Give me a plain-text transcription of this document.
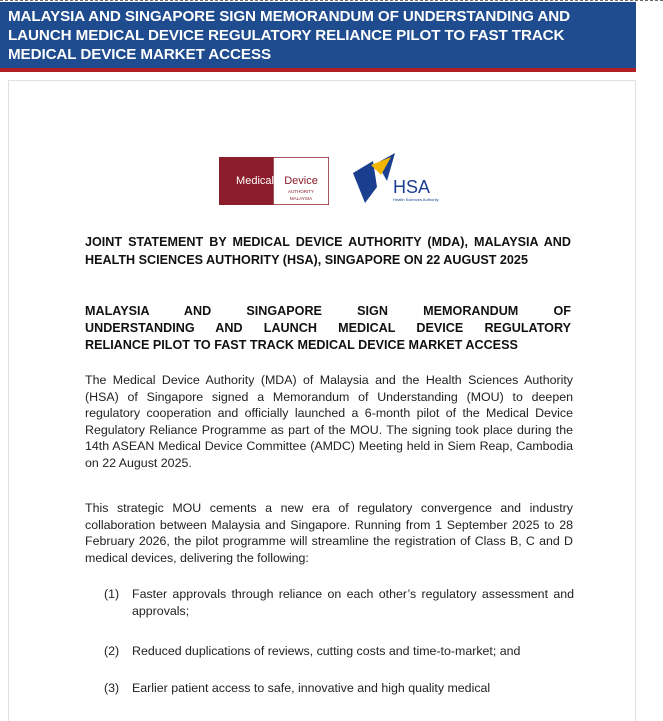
MALAYSIA AND SINGAPORE SIGN MEMORANDUM OF UNDERSTANDING AND LAUNCH MEDICAL DEVICE REGULATORY RELIANCE PILOT TO FAST TRACK MEDICAL DEVICE MARKET ACCESS
Medical Device
AUTHORITY
MALAYSIA
HSA
Health Sciences Authority
JOINT STATEMENT BY MEDICAL DEVICE AUTHORITY (MDA), MALAYSIA AND HEALTH SCIENCES AUTHORITY (HSA), SINGAPORE ON 22 AUGUST 2025
MALAYSIA AND SINGAPORE SIGN MEMORANDUM OF
UNDERSTANDING AND LAUNCH MEDICAL DEVICE REGULATORY
RELIANCE PILOT TO FAST TRACK MEDICAL DEVICE MARKET ACCESS
The Medical Device Authority (MDA) of Malaysia and the Health Sciences Authority (HSA) of Singapore signed a Memorandum of Understanding (MOU) to deepen regulatory cooperation and officially launched a 6-month pilot of the Medical Device Regulatory Reliance Programme as part of the MOU. The signing took place during the 14th ASEAN Medical Device Committee (AMDC) Meeting held in Siem Reap, Cambodia on 22 August 2025.
This strategic MOU cements a new era of regulatory convergence and industry collaboration between Malaysia and Singapore. Running from 1 September 2025 to 28 February 2026, the pilot programme will streamline the registration of Class B, C and D medical devices, delivering the following:
(1)	Faster approvals through reliance on each other’s regulatory assessment and approvals;
(2)	Reduced duplications of reviews, cutting costs and time-to-market; and
(3)	Earlier patient access to safe, innovative and high quality medical
